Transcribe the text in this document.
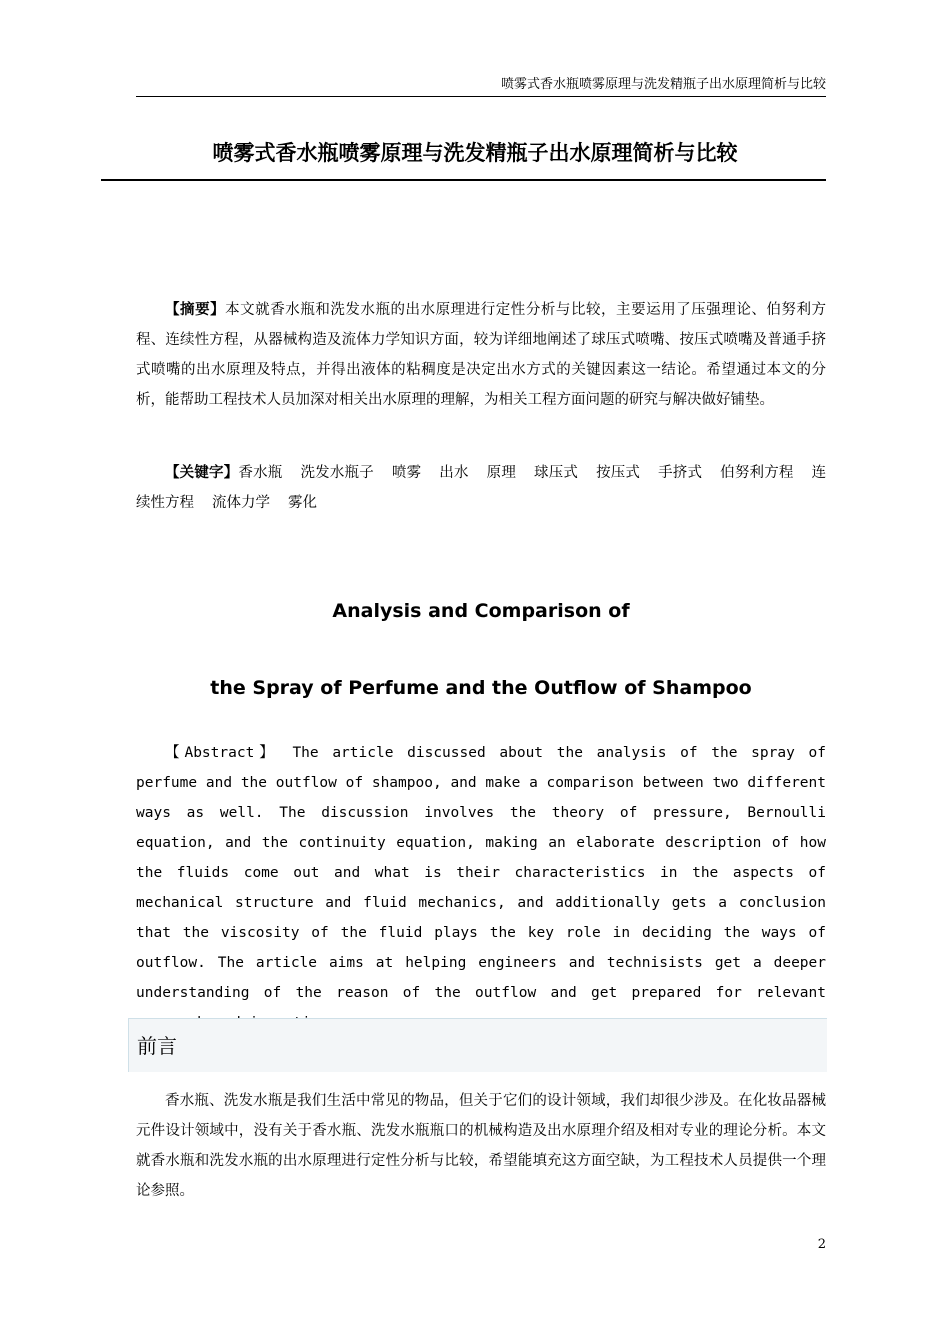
喷雾式香水瓶喷雾原理与洗发精瓶子出水原理简析与比较
喷雾式香水瓶喷雾原理与洗发精瓶子出水原理简析与比较

【摘要】本文就香水瓶和洗发水瓶的出水原理进行定性分析与比较，主要运用了压强理论、伯努利方程、连续性方程，从器械构造及流体力学知识方面，较为详细地阐述了球压式喷嘴、按压式喷嘴及普通手挤式喷嘴的出水原理及特点，并得出液体的粘稠度是决定出水方式的关键因素这一结论。希望通过本文的分析，能帮助工程技术人员加深对相关出水原理的理解，为相关工程方面问题的研究与解决做好铺垫。

【关键字】香水瓶 洗发水瓶子 喷雾 出水 原理 球压式 按压式 手挤式 伯努利方程 连续性方程 流体力学 雾化

Analysis and Comparison of
the Spray of Perfume and the Outflow of Shampoo

【Abstract】 The article discussed about the analysis of the spray of perfume and the outflow of shampoo, and make a comparison between two different ways as well. The discussion involves the theory of pressure, Bernoulli equation, and the continuity equation, making an elaborate description of how the fluids come out and what is their characteristics in the aspects of mechanical structure and fluid mechanics, and additionally gets a conclusion that the viscosity of the fluid plays the key role in deciding the ways of outflow. The article aims at helping engineers and technisists get a deeper understanding of the reason of the outflow and get prepared for relevant

前言

香水瓶、洗发水瓶是我们生活中常见的物品，但关于它们的设计领域，我们却很少涉及。在化妆品器械元件设计领域中，没有关于香水瓶、洗发水瓶瓶口的机械构造及出水原理介绍及相对专业的理论分析。本文就香水瓶和洗发水瓶的出水原理进行定性分析与比较，希望能填充这方面空缺，为工程技术人员提供一个理论参照。

2
